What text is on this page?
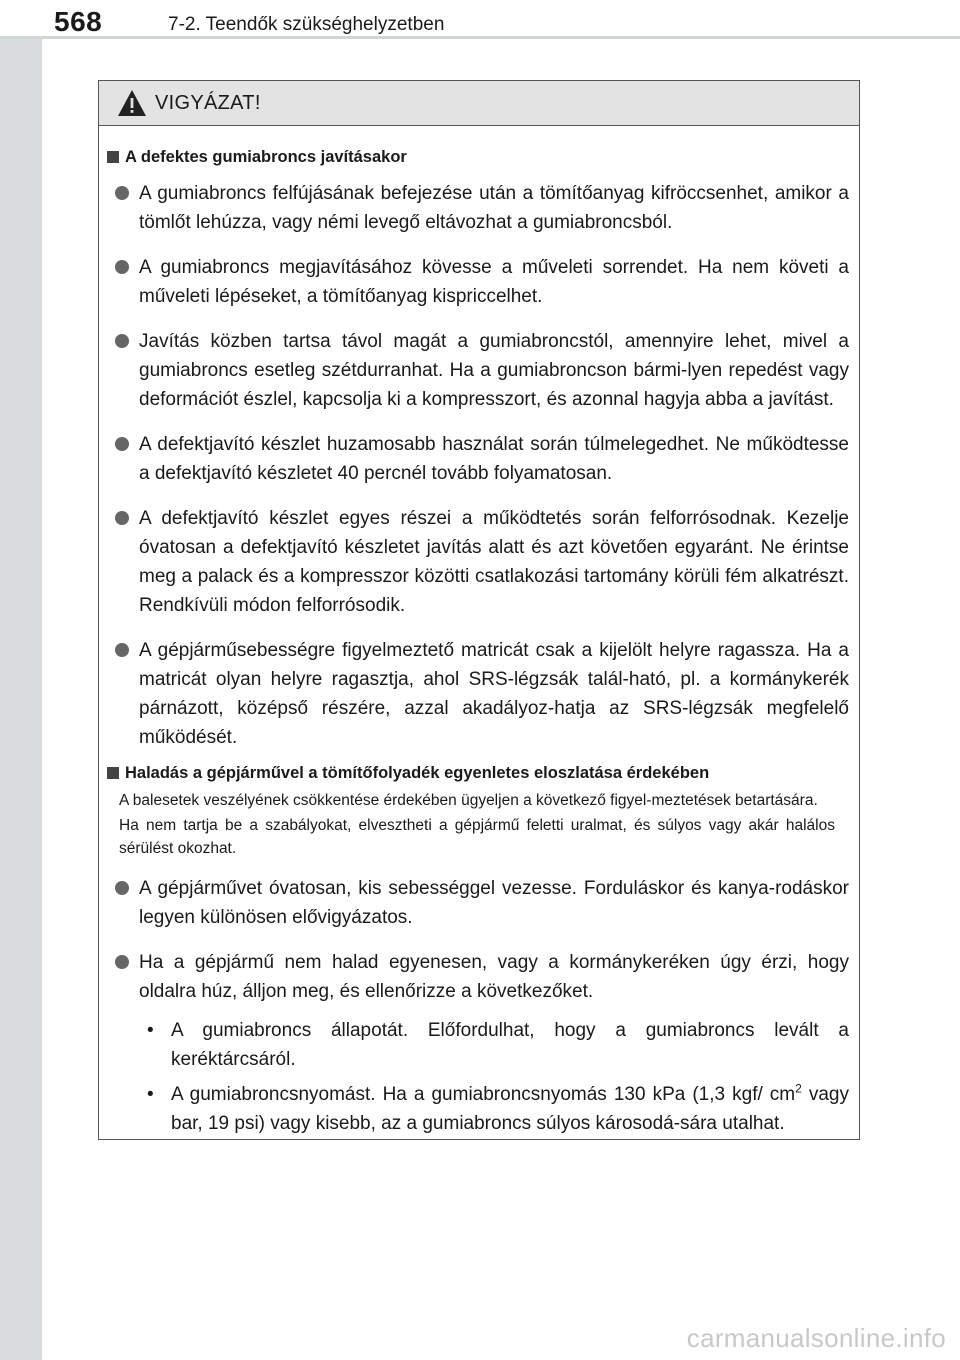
568	7-2. Teendők szükséghelyzetben
VIGYÁZAT!
A defektes gumiabroncs javításakor
A gumiabroncs felfújásának befejezése után a tömítőanyag kifröccsenhet, amikor a tömlőt lehúzza, vagy némi levegő eltávozhat a gumiabroncsból.
A gumiabroncs megjavításához kövesse a műveleti sorrendet. Ha nem követi a műveleti lépéseket, a tömítőanyag kispriccelhet.
Javítás közben tartsa távol magát a gumiabroncstól, amennyire lehet, mivel a gumiabroncs esetleg szétdurranhat. Ha a gumiabroncson bármi-lyen repedést vagy deformációt észlel, kapcsolja ki a kompresszort, és azonnal hagyja abba a javítást.
A defektjavító készlet huzamosabb használat során túlmelegedhet. Ne működtesse a defektjavító készletet 40 percnél tovább folyamatosan.
A defektjavító készlet egyes részei a működtetés során felforrósodnak. Kezelje óvatosan a defektjavító készletet javítás alatt és azt követően egyaránt. Ne érintse meg a palack és a kompresszor közötti csatlakozási tartomány körüli fém alkatrészt. Rendkívüli módon felforrósodik.
A gépjárműsebességre figyelmeztető matricát csak a kijelölt helyre ragassza. Ha a matricát olyan helyre ragasztja, ahol SRS-légzsák talál-ható, pl. a kormánykerék párnázott, középső részére, azzal akadályoz-hatja az SRS-légzsák megfelelő működését.
Haladás a gépjárművel a tömítőfolyadék egyenletes eloszlatása érdekében
A balesetek veszélyének csökkentése érdekében ügyeljen a következő figyel-meztetések betartására.
Ha nem tartja be a szabályokat, elvesztheti a gépjármű feletti uralmat, és súlyos vagy akár halálos sérülést okozhat.
A gépjárművet óvatosan, kis sebességgel vezesse. Forduláskor és kanya-rodáskor legyen különösen elővigyázatos.
Ha a gépjármű nem halad egyenesen, vagy a kormánykeréken úgy érzi, hogy oldalra húz, álljon meg, és ellenőrizze a következőket.
• A gumiabroncs állapotát. Előfordulhat, hogy a gumiabroncs levált a keréktárcsáról.
• A gumiabroncsnyomást. Ha a gumiabroncsnyomás 130 kPa (1,3 kgf/ $cm^2$ vagy bar, 19 psi) vagy kisebb, az a gumiabroncs súlyos károsodá-sára utalhat.
carmanualsonline.info
